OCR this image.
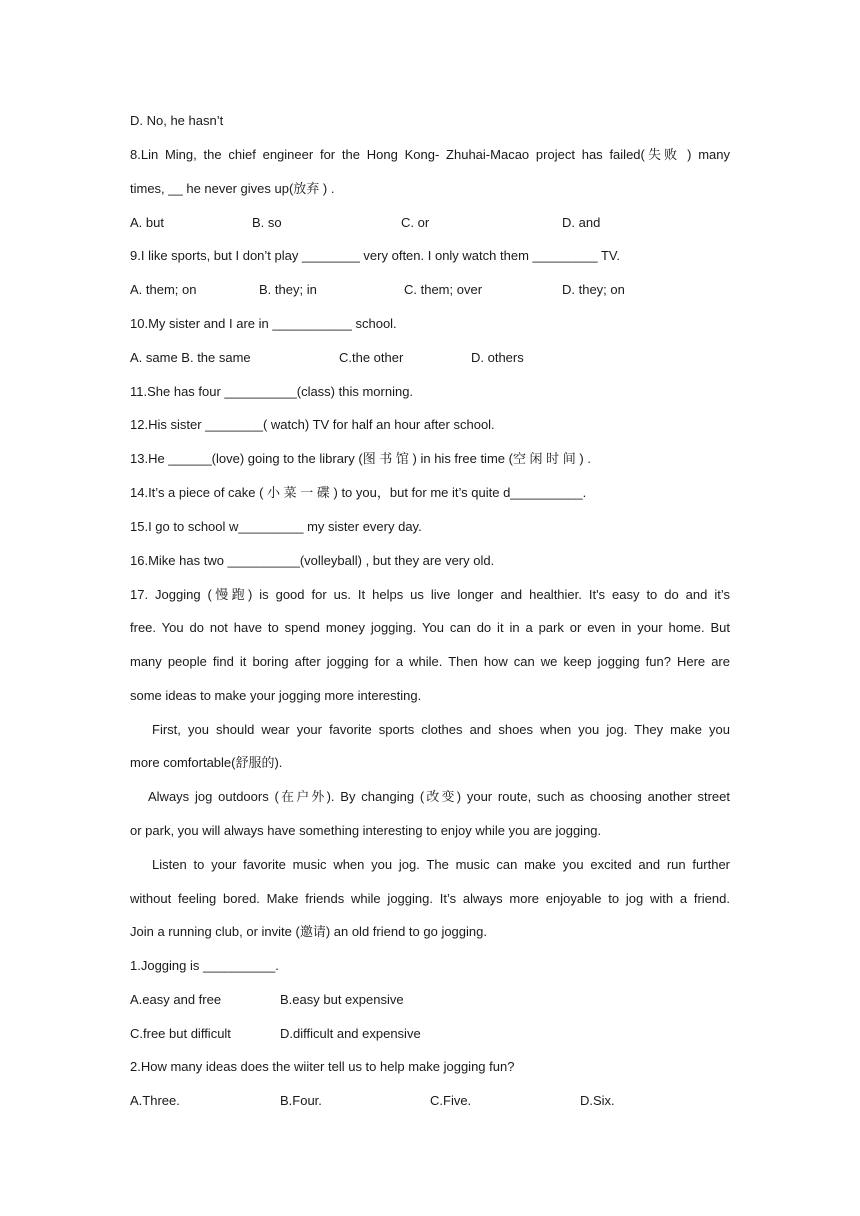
D. No, he hasn’t
8.Lin Ming, the chief engineer for the Hong Kong- Zhuhai-Macao project has failed(失败 ) many
times, __ he never gives up(放弃 ) .
A. but	B. so	C. or	D. and
9.I like sports, but I don’t play ________ very often. I only watch them _________ TV.
A. them; on	B. they; in	C. them; over	D. they; on
10.My sister and I are in ___________ school.
A. same B. the same	C.the other	D. others
11.She has four __________(class) this morning.
12.His sister ________( watch) TV for half an hour after school.
13.He ______(love) going to the library (图 书 馆 ) in his free time (空 闲 时 间 ) .
14.It’s a piece of cake ( 小 菜 一 碟 ) to you，but for me it’s quite d__________.
15.I go to school w_________ my sister every day.
16.Mike has two __________(volleyball) , but they are very old.
17. Jogging (慢跑) is good for us. It helps us live longer and healthier. It's easy to do and it’s
free. You do not have to spend money jogging. You can do it in a park or even in your home. But
many people find it boring after jogging for a while. Then how can we keep jogging fun? Here are
some ideas to make your jogging more interesting.
First, you should wear your favorite sports clothes and shoes when you jog. They make you
more comfortable(舒服的).
Always jog outdoors (在户外). By changing (改变) your route, such as choosing another street
or park, you will always have something interesting to enjoy while you are jogging.
Listen to your favorite music when you jog. The music can make you excited and run further
without feeling bored. Make friends while jogging. It’s always more enjoyable to jog with a friend.
Join a running club, or invite (邀请) an old friend to go jogging.
1.Jogging is __________.
A.easy and free	B.easy but expensive
C.free but difficult	D.difficult and expensive
2.How many ideas does the wiiter tell us to help make jogging fun?
A.Three.	B.Four.	C.Five.	D.Six.
